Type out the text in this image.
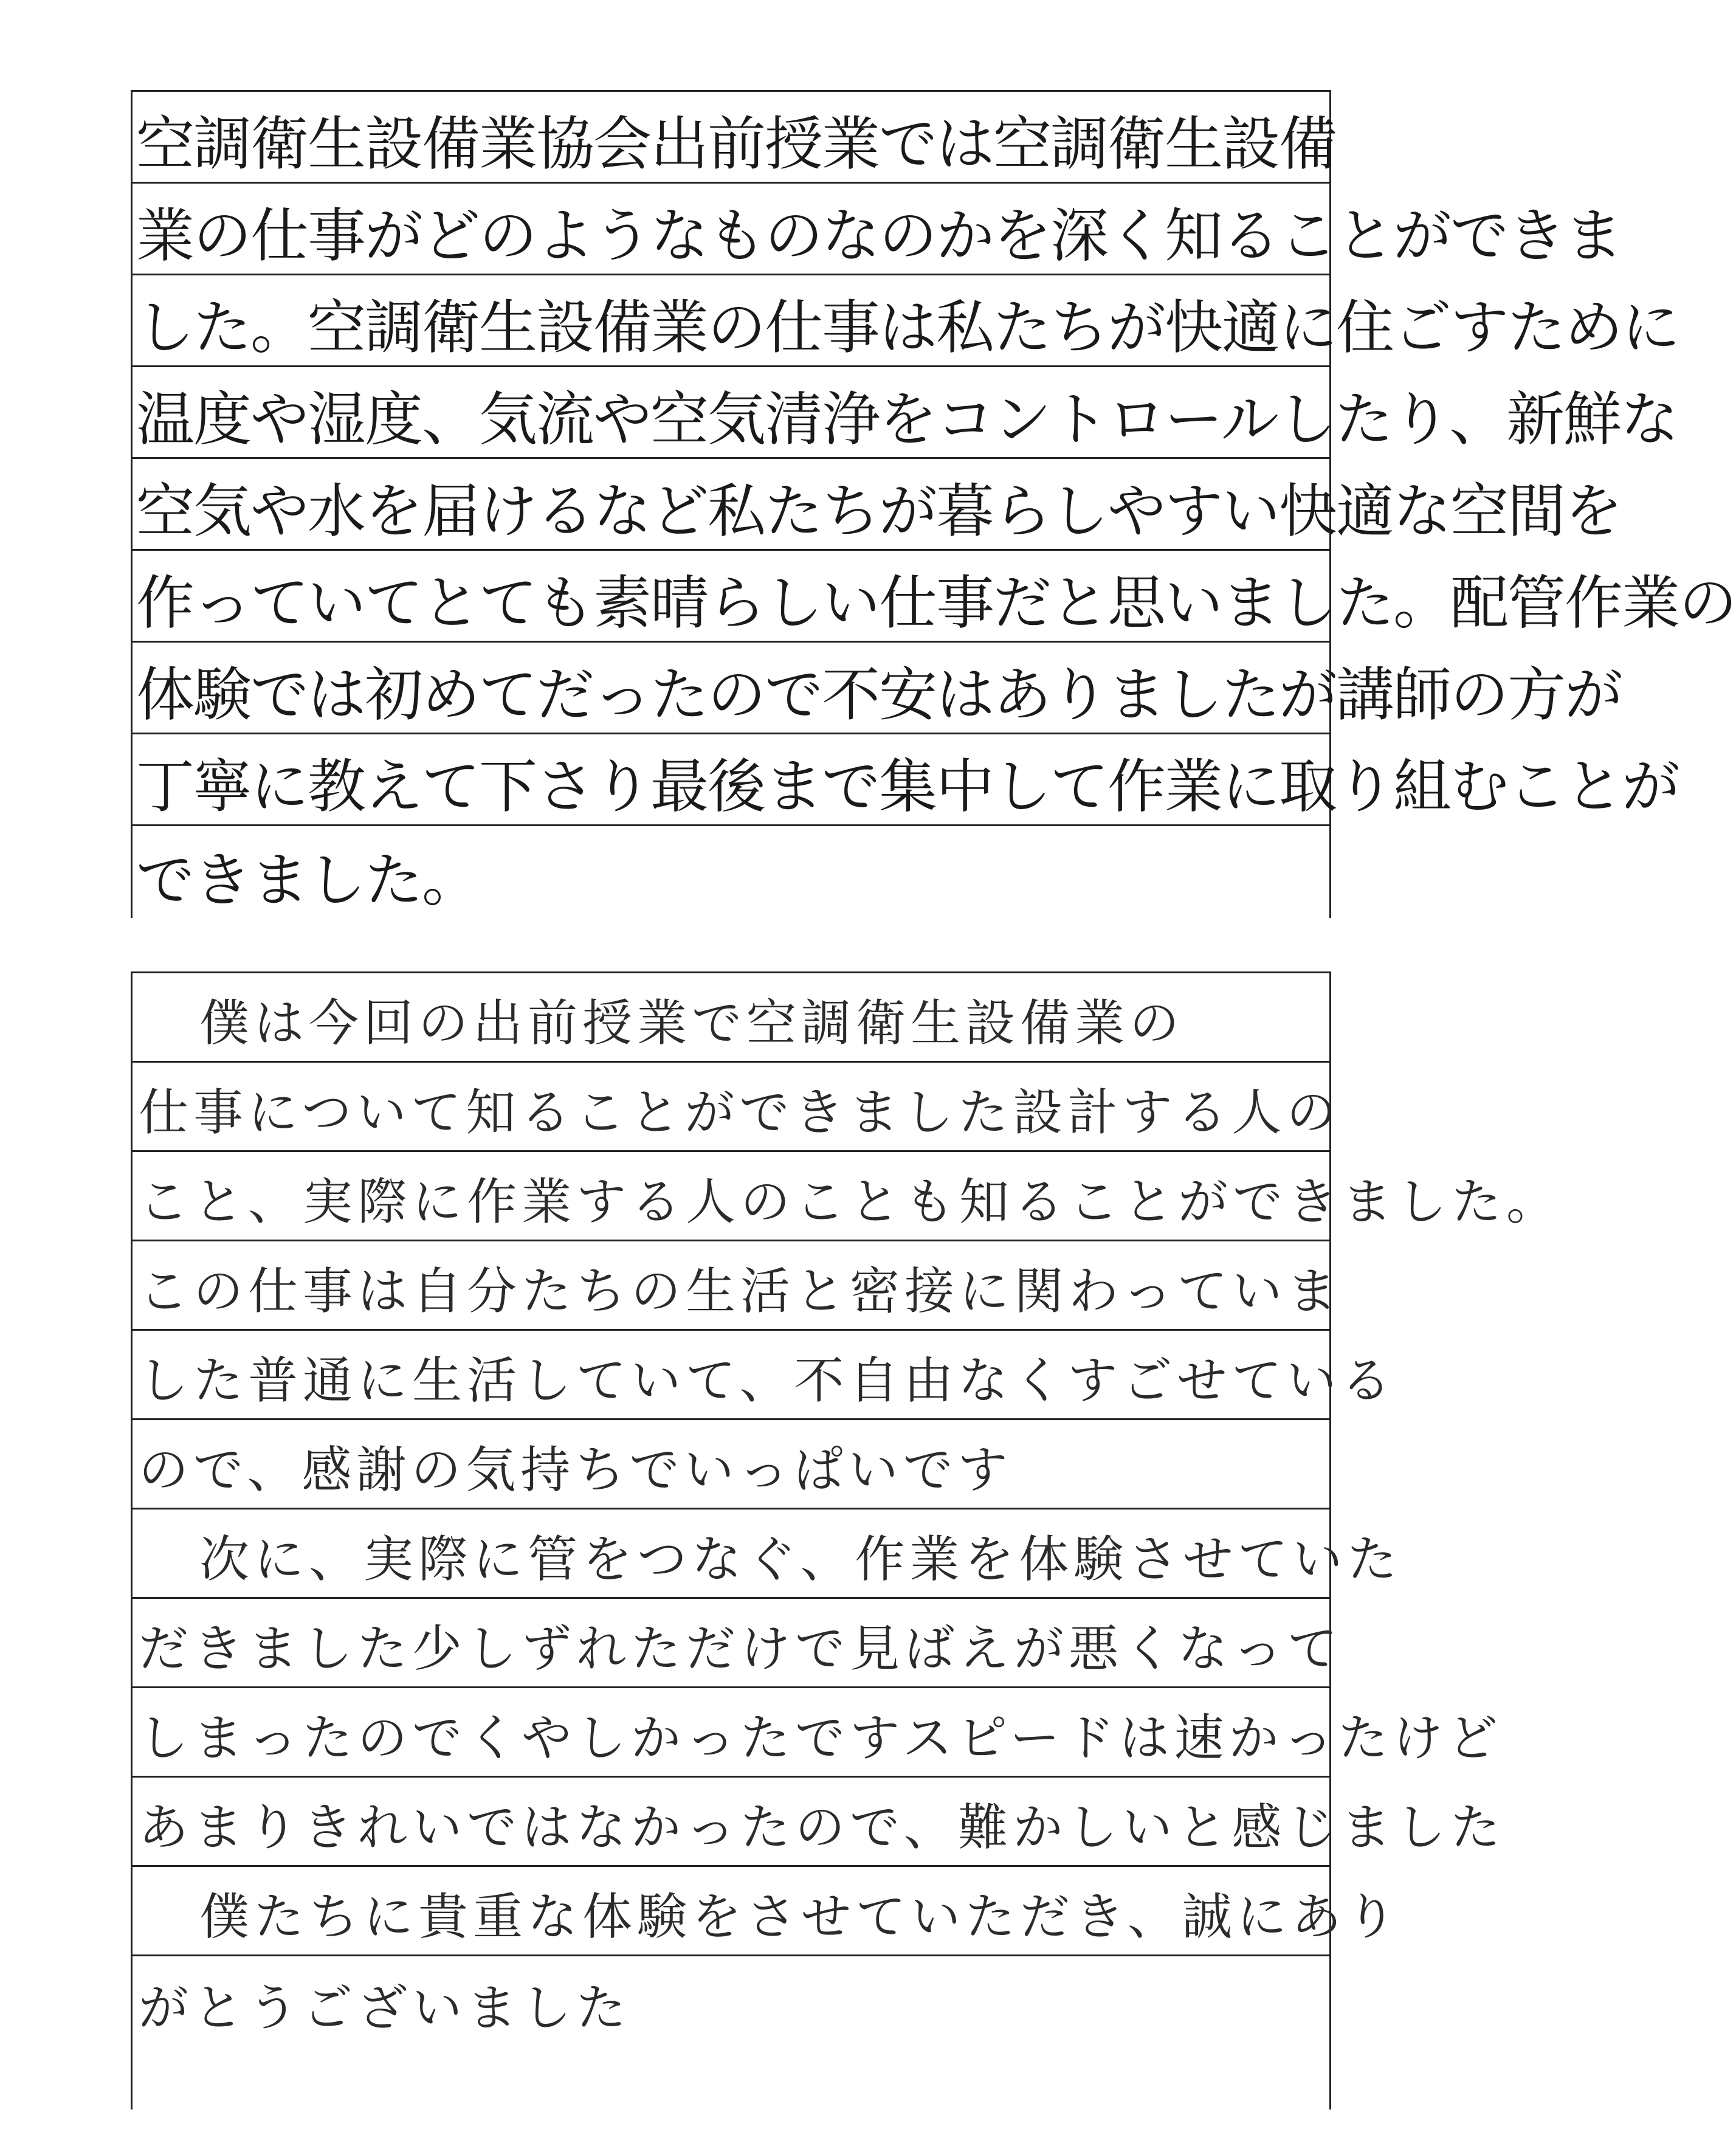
空調衛生設備業協会出前授業では空調衛生設備
業の仕事がどのようなものなのかを深く知ることができま
した。空調衛生設備業の仕事は私たちが快適に住ごすために
温度や湿度、気流や空気清浄をコントロールしたり、新鮮な
空気や水を届けるなど私たちが暮らしやすい快適な空間を
作っていてとても素晴らしい仕事だと思いました。配管作業の
体験では初めてだったので不安はありましたが講師の方が
丁寧に教えて下さり最後まで集中して作業に取り組むことが
できました。
僕は今回の出前授業で空調衛生設備業の
仕事について知ることができました設計する人の
こと、実際に作業する人のことも知ることができました。
この仕事は自分たちの生活と密接に関わっていま
した普通に生活していて、不自由なくすごせている
ので、感謝の気持ちでいっぱいです
次に、実際に管をつなぐ、作業を体験させていた
だきました少しずれただけで見ばえが悪くなって
しまったのでくやしかったですスピードは速かったけど
あまりきれいではなかったので、難かしいと感じました
僕たちに貴重な体験をさせていただき、誠にあり
がとうございました
